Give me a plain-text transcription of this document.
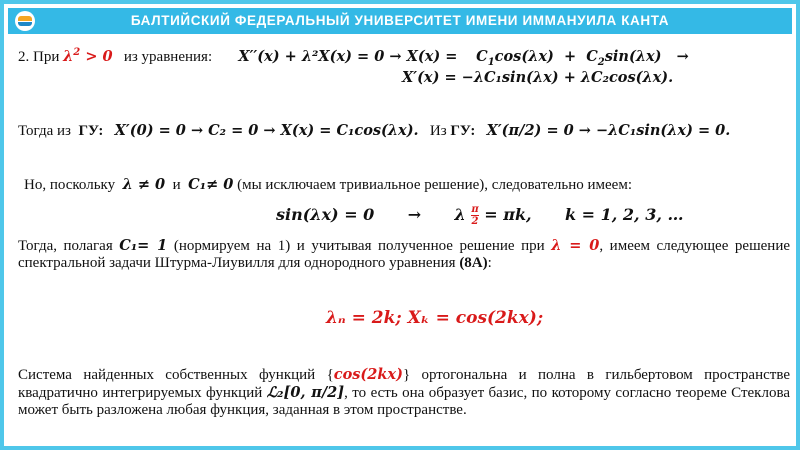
БАЛТИЙСКИЙ ФЕДЕРАЛЬНЫЙ УНИВЕРСИТЕТ ИМЕНИ ИММАНУИЛА КАНТА
2. При $\lambda^2 > 0$ из уравнения: $X''(x) + \lambda^2X(x) = 0 \to X(x) = C_1\cos(\lambda x) + C_2\sin(\lambda x)$ →
X′(x) = −λC₁sin(λx) + λC₂cos(λx).
Тогда из ГУ: X′(0) = 0 → C₂ = 0 → X(x) = C₁cos(λx). Из ГУ: X′(π/2) = 0 → −λC₁sin(λx) = 0.
Но, поскольку λ ≠ 0 и C₁≠ 0 (мы исключаем тривиальное решение), следовательно имеем:
sin(λx) = 0 → λ $\frac{\pi}{2} = \pi k$, k = 1, 2, 3, …
Тогда, полагая C₁= 1 (нормируем на 1) и учитывая полученное решение при λ = 0, имеем следующее решение спектральной задачи Штурма-Лиувилля для однородного уравнения (8А):
λₙ = 2k; Xₖ = cos(2kx);
Система найденных собственных функций {cos(2kx)} ортогональна и полна в гильбертовом пространстве квадратично интегрируемых функций ℒ₂[0, π/2], то есть она образует базис, по которому согласно теореме Стеклова может быть разложена любая функция, заданная в этом пространстве.
